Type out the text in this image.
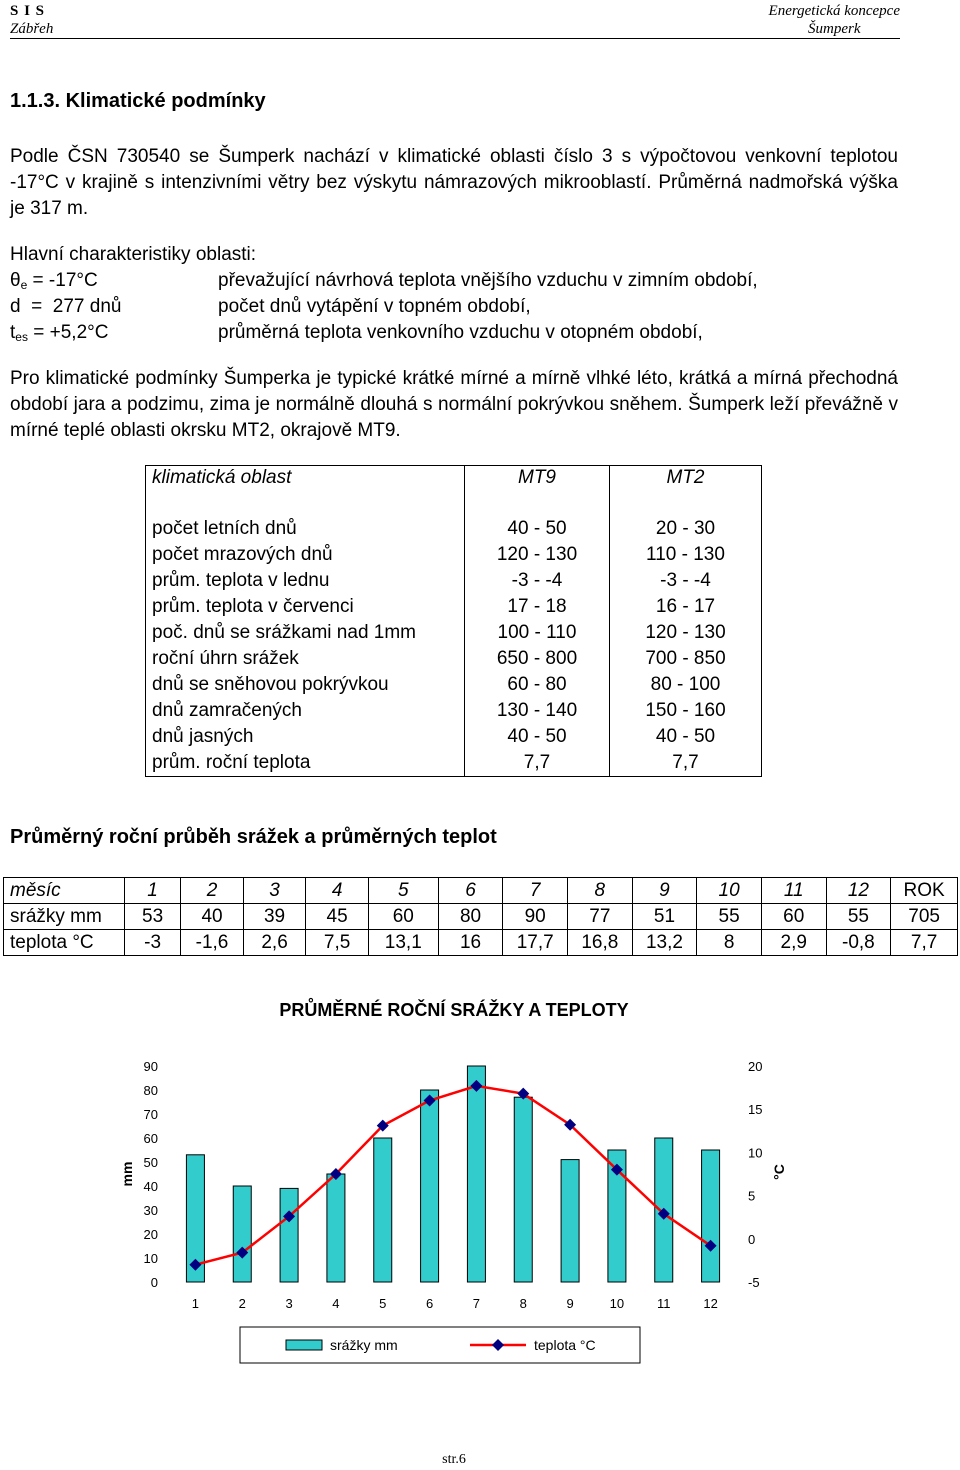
S I S
Zábřeh
Energetická koncepce
Šumperk
1.1.3. Klimatické podmínky

Podle ČSN 730540 se Šumperk nachází v klimatické oblasti číslo 3 s výpočtovou venkovní teplotou -17°C v krajině s intenzivními větry bez výskytu námrazových mikrooblastí. Průměrná nadmořská výška je 317 m.

Hlavní charakteristiky oblasti:

$\theta_e = -17^\circ C$	převažující návrhová teplota vnějšího vzduchu v zimním období,
d  =  277 dnů	počet dnů vytápění v topném období,
$t_{es} = +5,2^\circ C$	průměrná teplota venkovního vzduchu v otopném období,

Pro klimatické podmínky Šumperka je typické krátké mírné a mírně vlhké léto, krátká a mírná přechodná období jara a podzimu, zima je normálně dlouhá s normální pokrývkou sněhem. Šumperk leží převážně v mírné teplé oblasti okrsku MT2, okrajově MT9.

klimatická oblast	MT9	MT2
počet letních dnů	40 - 50	20 - 30
počet mrazových dnů	120 - 130	110 - 130
prům. teplota v lednu	-3 - -4	-3 - -4
prům. teplota v červenci	17 - 18	16 - 17
poč. dnů se srážkami nad 1mm	100 - 110	120 - 130
roční úhrn srážek	650 - 800	700 - 850
dnů se sněhovou pokrývkou	60 - 80	80 - 100
dnů zamračených	130 - 140	150 - 160
dnů jasných	40 - 50	40 - 50
prům. roční teplota	7,7	7,7
Průměrný roční průběh srážek a průměrných teplot
měsíc	1	2	3	4	5	6	7	8	9	10	11	12	ROK
srážky mm	53	40	39	45	60	80	90	77	51	55	60	55	705
teplota °C	-3	-1,6	2,6	7,5	13,1	16	17,7	16,8	13,2	8	2,9	-0,8	7,7
PRŮMĚRNÉ ROČNÍ SRÁŽKY A TEPLOTY
0
10
20
30
40
50
60
70
80
90
mm
-5
0
5
10
15
20
°C
1	2	3	4	5	6	7	8	9	10	11	12
srážky mm	teplota °C
str.6
